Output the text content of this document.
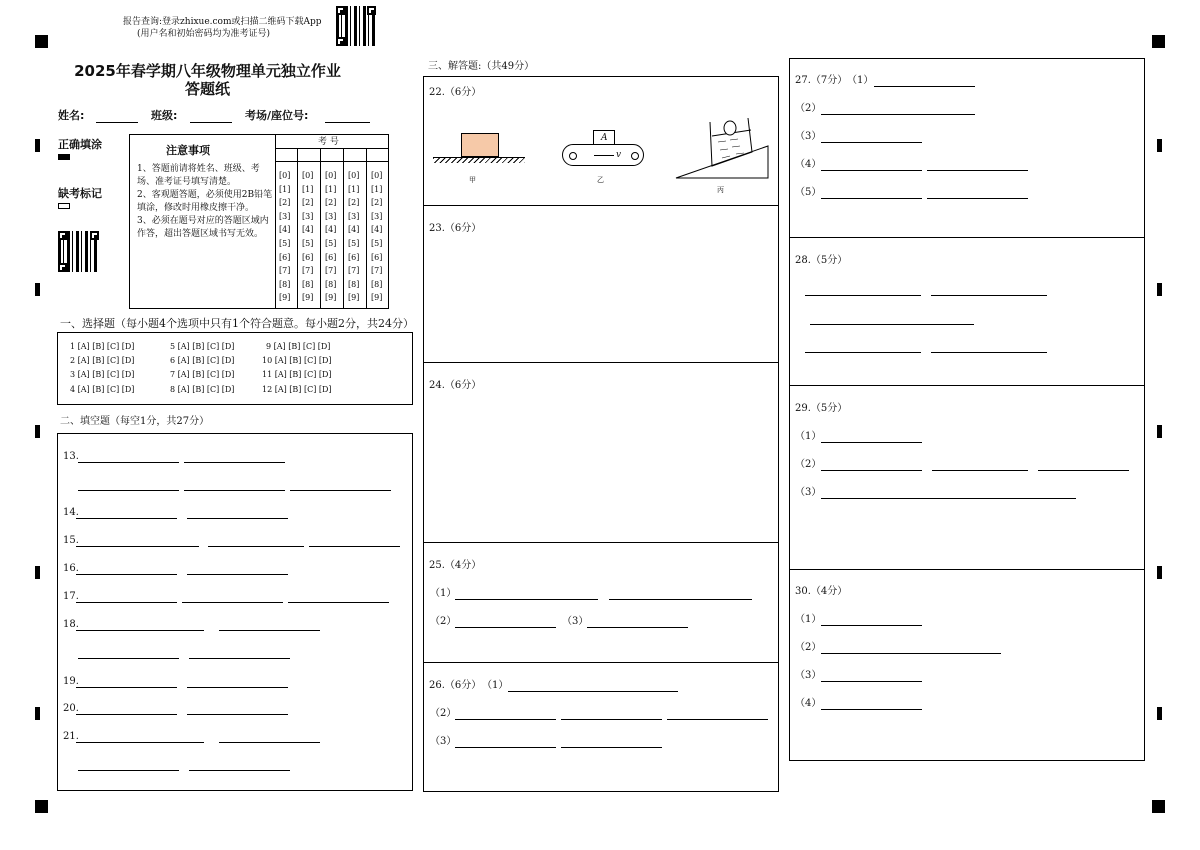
报告查询:登录zhixue.com或扫描二维码下载App
(用户名和初始密码均为准考证号)
2025年春学期八年级物理单元独立作业
答题纸
姓名:	班级:	考场/座位号:
正确填涂
缺考标记
注意事项
1、答题前请将姓名、班级、考
场、准考证号填写清楚。
2、客观题答题，必须使用2B铅笔
填涂，修改时用橡皮擦干净。
3、必须在题号对应的答题区域内
作答，超出答题区域书写无效。
考 号
[0] [0] [0] [0] [0]
[1] [1] [1] [1] [1]
[2] [2] [2] [2] [2]
[3] [3] [3] [3] [3]
[4] [4] [4] [4] [4]
[5] [5] [5] [5] [5]
[6] [6] [6] [6] [6]
[7] [7] [7] [7] [7]
[8] [8] [8] [8] [8]
[9] [9] [9] [9] [9]
一、选择题（每小题4个选项中只有1个符合题意。每小题2分，共24分）
1 [A] [B] [C] [D]
2 [A] [B] [C] [D]
3 [A] [B] [C] [D]
4 [A] [B] [C] [D]
5 [A] [B] [C] [D]
6 [A] [B] [C] [D]
7 [A] [B] [C] [D]
8 [A] [B] [C] [D]
9 [A] [B] [C] [D]
10 [A] [B] [C] [D]
11 [A] [B] [C] [D]
12 [A] [B] [C] [D]
二、填空题（每空1分，共27分）
13.
14.
15.
16.
17.
18.
19.
20.
21.
三、解答题:（共49分）
22.（6分）
甲
A
v
乙
丙
23.（6分）
24.（6分）
25.（4分）
（1）
（2）	（3）
26.（6分） （1）
（2）
（3）
27.（7分） （1）
（2）
（3）
（4）
（5）
28.（5分）
29.（5分）
（1）
（2）
（3）
30.（4分）
（1）
（2）
（3）
（4）
